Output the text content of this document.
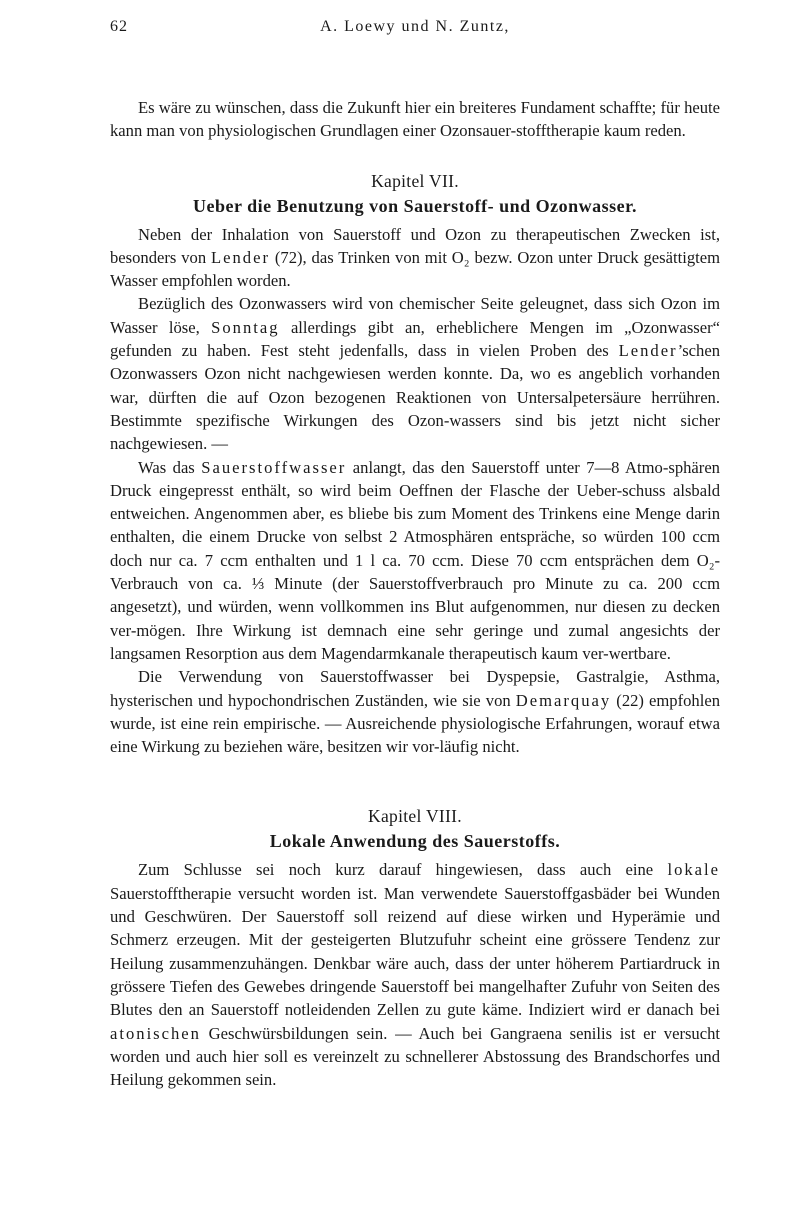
62	A. Loewy und N. Zuntz,

Es wäre zu wünschen, dass die Zukunft hier ein breiteres Fundament schaffte; für heute kann man von physiologischen Grundlagen einer Ozonsauer-stofftherapie kaum reden.

Kapitel VII.
Ueber die Benutzung von Sauerstoff- und Ozonwasser.

Neben der Inhalation von Sauerstoff und Ozon zu therapeutischen Zwecken ist, besonders von Lender (72), das Trinken von mit O₂ bezw. Ozon unter Druck gesättigtem Wasser empfohlen worden.

Bezüglich des Ozonwassers wird von chemischer Seite geleugnet, dass sich Ozon im Wasser löse, Sonntag allerdings gibt an, erheblichere Mengen im „Ozonwasser“ gefunden zu haben. Fest steht jedenfalls, dass in vielen Proben des Lender’schen Ozonwassers Ozon nicht nachgewiesen werden konnte. Da, wo es angeblich vorhanden war, dürften die auf Ozon bezogenen Reaktionen von Untersalpetersäure herrühren. Bestimmte spezifische Wirkungen des Ozon-wassers sind bis jetzt nicht sicher nachgewiesen. —

Was das Sauerstoffwasser anlangt, das den Sauerstoff unter 7—8 Atmo-sphären Druck eingepresst enthält, so wird beim Oeffnen der Flasche der Ueber-schuss alsbald entweichen. Angenommen aber, es bliebe bis zum Moment des Trinkens eine Menge darin enthalten, die einem Drucke von selbst 2 Atmosphären entspräche, so würden 100 ccm doch nur ca. 7 ccm enthalten und 1 l ca. 70 ccm. Diese 70 ccm entsprächen dem O₂-Verbrauch von ca. ⅓ Minute (der Sauerstoffverbrauch pro Minute zu ca. 200 ccm angesetzt), und würden, wenn vollkommen ins Blut aufgenommen, nur diesen zu decken ver-mögen. Ihre Wirkung ist demnach eine sehr geringe und zumal angesichts der langsamen Resorption aus dem Magendarmkanale therapeutisch kaum ver-wertbare.

Die Verwendung von Sauerstoffwasser bei Dyspepsie, Gastralgie, Asthma, hysterischen und hypochondrischen Zuständen, wie sie von Demarquay (22) empfohlen wurde, ist eine rein empirische. — Ausreichende physiologische Erfahrungen, worauf etwa eine Wirkung zu beziehen wäre, besitzen wir vor-läufig nicht.

Kapitel VIII.
Lokale Anwendung des Sauerstoffs.

Zum Schlusse sei noch kurz darauf hingewiesen, dass auch eine lokale Sauerstofftherapie versucht worden ist. Man verwendete Sauerstoffgasbäder bei Wunden und Geschwüren. Der Sauerstoff soll reizend auf diese wirken und Hyperämie und Schmerz erzeugen. Mit der gesteigerten Blutzufuhr scheint eine grössere Tendenz zur Heilung zusammenzuhängen. Denkbar wäre auch, dass der unter höherem Partiardruck in grössere Tiefen des Gewebes dringende Sauerstoff bei mangelhafter Zufuhr von Seiten des Blutes den an Sauerstoff notleidenden Zellen zu gute käme. Indiziert wird er danach bei atonischen Geschwürsbildungen sein. — Auch bei Gangraena senilis ist er versucht worden und auch hier soll es vereinzelt zu schnellerer Abstossung des Brandschorfes und Heilung gekommen sein.
